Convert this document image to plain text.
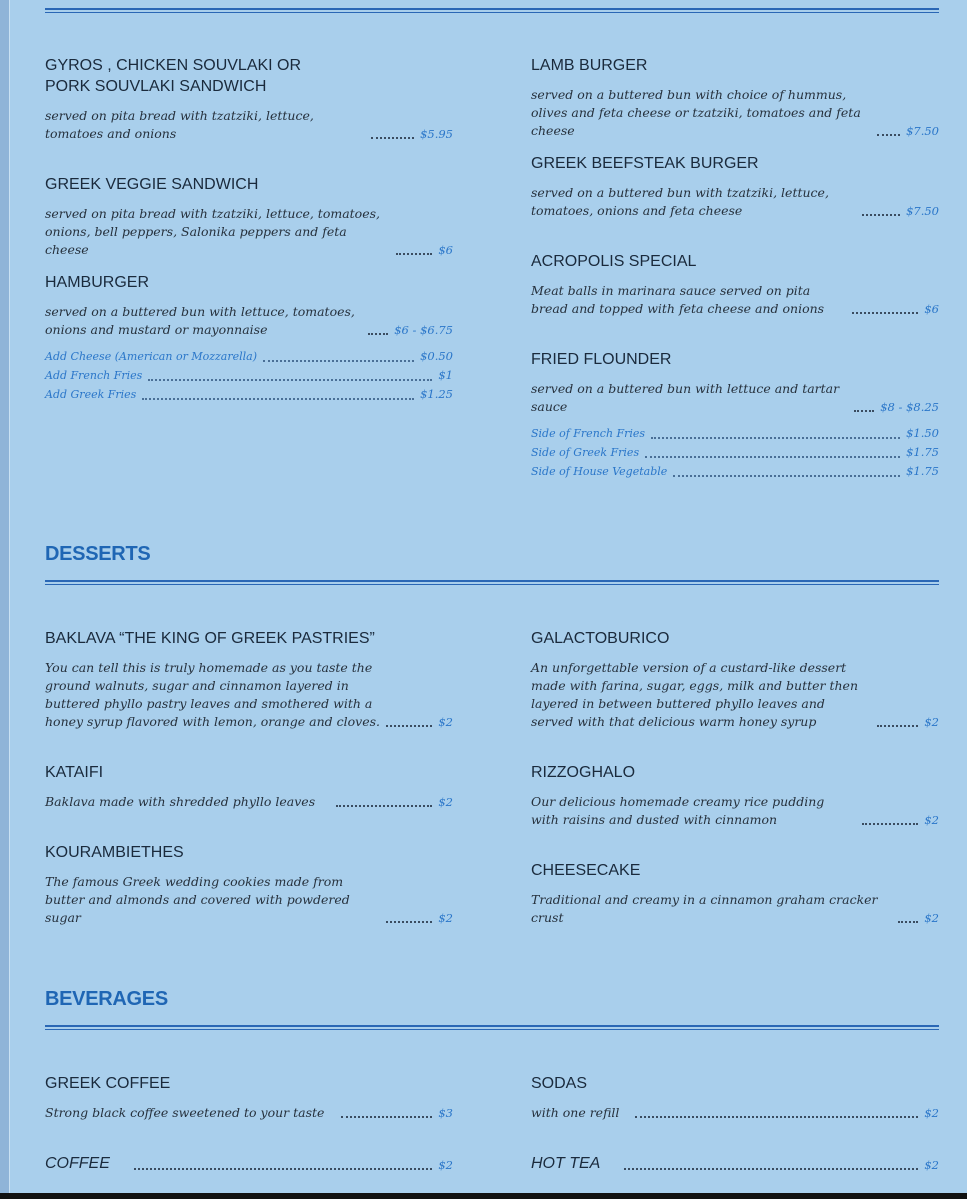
GYROS , CHICKEN SOUVLAKI OR PORK SOUVLAKI SANDWICH
served on pita bread with tzatziki, lettuce, tomatoes and onions	$5.95
GREEK VEGGIE SANDWICH
served on pita bread with tzatziki, lettuce, tomatoes, onions, bell peppers, Salonika peppers and feta cheese	$6
HAMBURGER
served on a buttered bun with lettuce, tomatoes, onions and mustard or mayonnaise	$6 - $6.75
Add Cheese (American or Mozzarella)	$0.50
Add French Fries	$1
Add Greek Fries	$1.25
LAMB BURGER
served on a buttered bun with choice of hummus, olives and feta cheese or tzatziki, tomatoes and feta cheese	$7.50
GREEK BEEFSTEAK BURGER
served on a buttered bun with tzatziki, lettuce, tomatoes, onions and feta cheese	$7.50
ACROPOLIS SPECIAL
Meat balls in marinara sauce served on pita bread and topped with feta cheese and onions	$6
FRIED FLOUNDER
served on a buttered bun with lettuce and tartar sauce	$8 - $8.25
Side of French Fries	$1.50
Side of Greek Fries	$1.75
Side of House Vegetable	$1.75
DESSERTS
BAKLAVA “THE KING OF GREEK PASTRIES”
You can tell this is truly homemade as you taste the ground walnuts, sugar and cinnamon layered in buttered phyllo pastry leaves and smothered with a honey syrup flavored with lemon, orange and cloves.	$2
KATAIFI
Baklava made with shredded phyllo leaves	$2
KOURAMBIETHES
The famous Greek wedding cookies made from butter and almonds and covered with powdered sugar	$2
GALACTOBURICO
An unforgettable version of a custard-like dessert made with farina, sugar, eggs, milk and butter then layered in between buttered phyllo leaves and served with that delicious warm honey syrup	$2
RIZZOGHALO
Our delicious homemade creamy rice pudding with raisins and dusted with cinnamon	$2
CHEESECAKE
Traditional and creamy in a cinnamon graham cracker crust	$2
BEVERAGES
GREEK COFFEE
Strong black coffee sweetened to your taste	$3
COFFEE	$2
SODAS
with one refill	$2
HOT TEA	$2
